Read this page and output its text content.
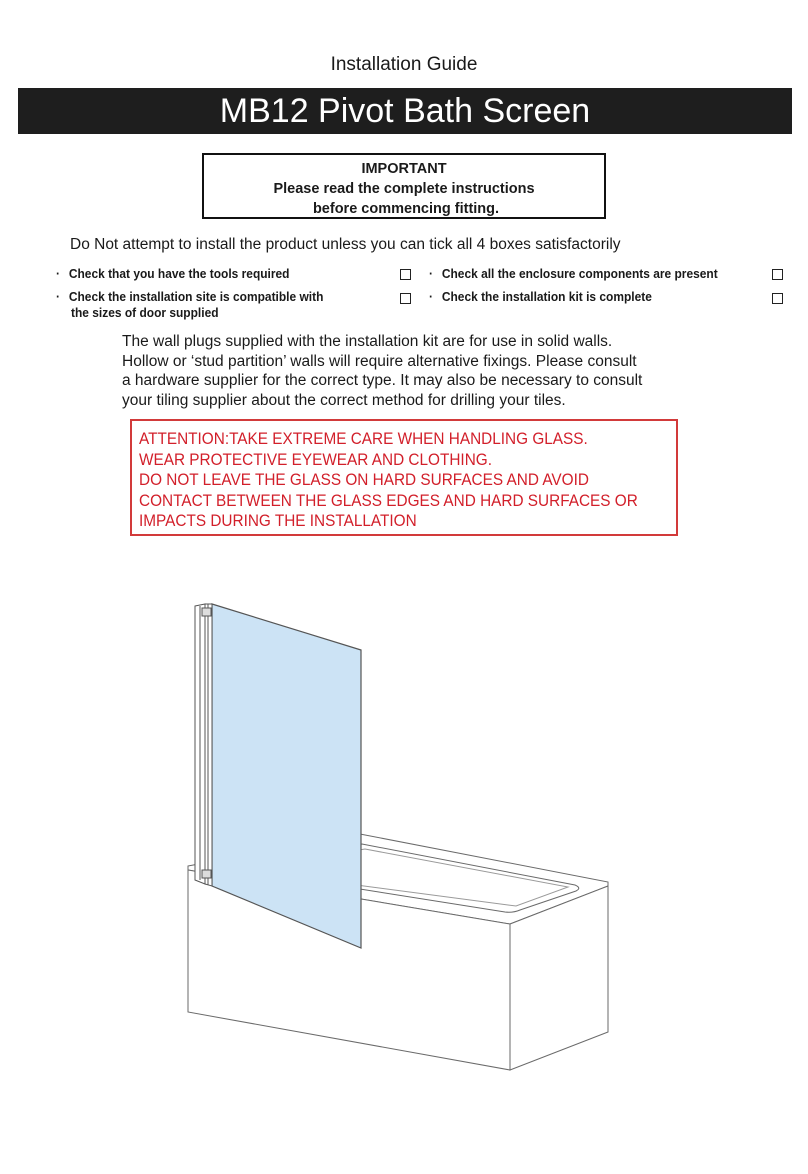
Installation Guide
MB12 Pivot Bath Screen
IMPORTANT
Please read the complete instructions
before commencing fitting.
Do Not attempt to install the product unless you can tick all 4 boxes satisfactorily
· Check that you have the tools required
· Check the installation site is compatible with
the sizes of door supplied
· Check all the enclosure components are present
· Check the installation kit is complete
The wall plugs supplied with the installation kit are for use in solid walls.
Hollow or ‘stud partition’ walls will require alternative fixings. Please consult
a hardware supplier for the correct type. It may also be necessary to consult
your tiling supplier about the correct method for drilling your tiles.
ATTENTION:TAKE EXTREME CARE WHEN HANDLING GLASS.
WEAR PROTECTIVE EYEWEAR AND CLOTHING.
DO NOT LEAVE THE GLASS ON HARD SURFACES AND AVOID
CONTACT BETWEEN THE GLASS EDGES AND HARD SURFACES OR
IMPACTS DURING THE INSTALLATION
